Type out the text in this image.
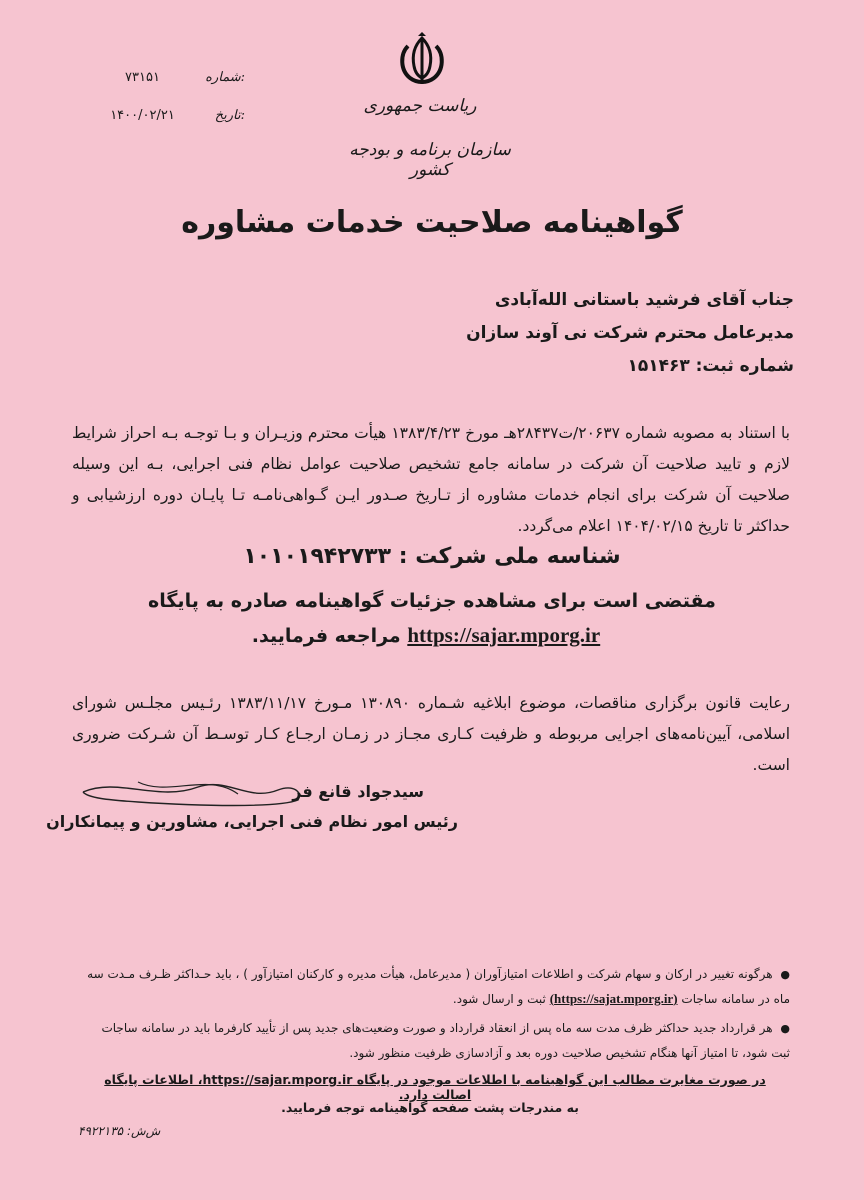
شماره:
۷۳۱۵۱
تاریخ:
۱۴۰۰/۰۲/۲۱	ریاست جمهوری
سازمان برنامه و بودجه کشور
گواهینامه صلاحیت خدمات مشاوره
جناب آقای فرشید باستانی الله‌آبادی
مدیرعامل محترم شرکت نی آوند سازان
شماره ثبت: ۱۵۱۴۶۳
با استناد به مصوبه شماره ۲۰۶۳۷/ت۲۸۴۳۷هـ مورخ ۱۳۸۳/۴/۲۳ هیأت محترم وزیـران و بـا توجـه بـه احراز شرایط لازم و تایید صلاحیت آن شرکت در سامانه جامع تشخیص صلاحیت عوامل نظام فنی اجرایی، بـه این وسیله صلاحیت آن شرکت برای انجام خدمات مشاوره از تـاریخ صـدور ایـن گـواهی‌نامـه تـا پایـان دوره ارزشیابی و حداکثر تا تاریخ ۱۴۰۴/۰۲/۱۵ اعلام می‌گردد.
شناسه ملی شرکت : ۱۰۱۰۱۹۴۲۷۳۳
مقتضی است برای مشاهده جزئیات گواهینامه صادره به پایگاه
مراجعه فرمایید. https://sajar.mporg.ir
رعایت قانون برگزاری مناقصات، موضوع ابلاغیه شـماره ۱۳۰۸۹۰ مـورخ ۱۳۸۳/۱۱/۱۷ رئـیس مجلـس شورای اسلامی، آیین‌نامه‌های اجرایی مربوطه و ظرفیت کـاری مجـاز در زمـان ارجـاع کـار توسـط آن شـرکت ضروری است.
سیدجواد قانع فر
رئیس امور نظام فنی اجرایی، مشاورین و پیمانکاران
● هرگونه تغییر در ارکان و سهام شرکت و اطلاعات امتیازآوران ( مدیرعامل، هیأت مدیره و کارکنان امتیازآور ) ، باید حـداکثر ظـرف مـدت سه ماه در سامانه ساجات (https://sajat.mporg.ir) ثبت و ارسال شود.
● هر قرارداد جدید حداکثر ظرف مدت سه ماه پس از انعقاد قرارداد و صورت وضعیت‌های جدید پس از تأیید کارفرما باید در سامانه ساجات ثبت شود، تا امتیاز آنها هنگام تشخیص صلاحیت دوره بعد و آزادسازی ظرفیت منظور شود.
در صورت مغایرت مطالب این گواهینامه با اطلاعات موجود در پایگاه https://sajar.mporg.ir، اطلاعات پایگاه اصالت دارد.
به مندرجات پشت صفحه گواهینامه توجه فرمایید.
ش‌ش: ۴۹۲۲۱۳۵
